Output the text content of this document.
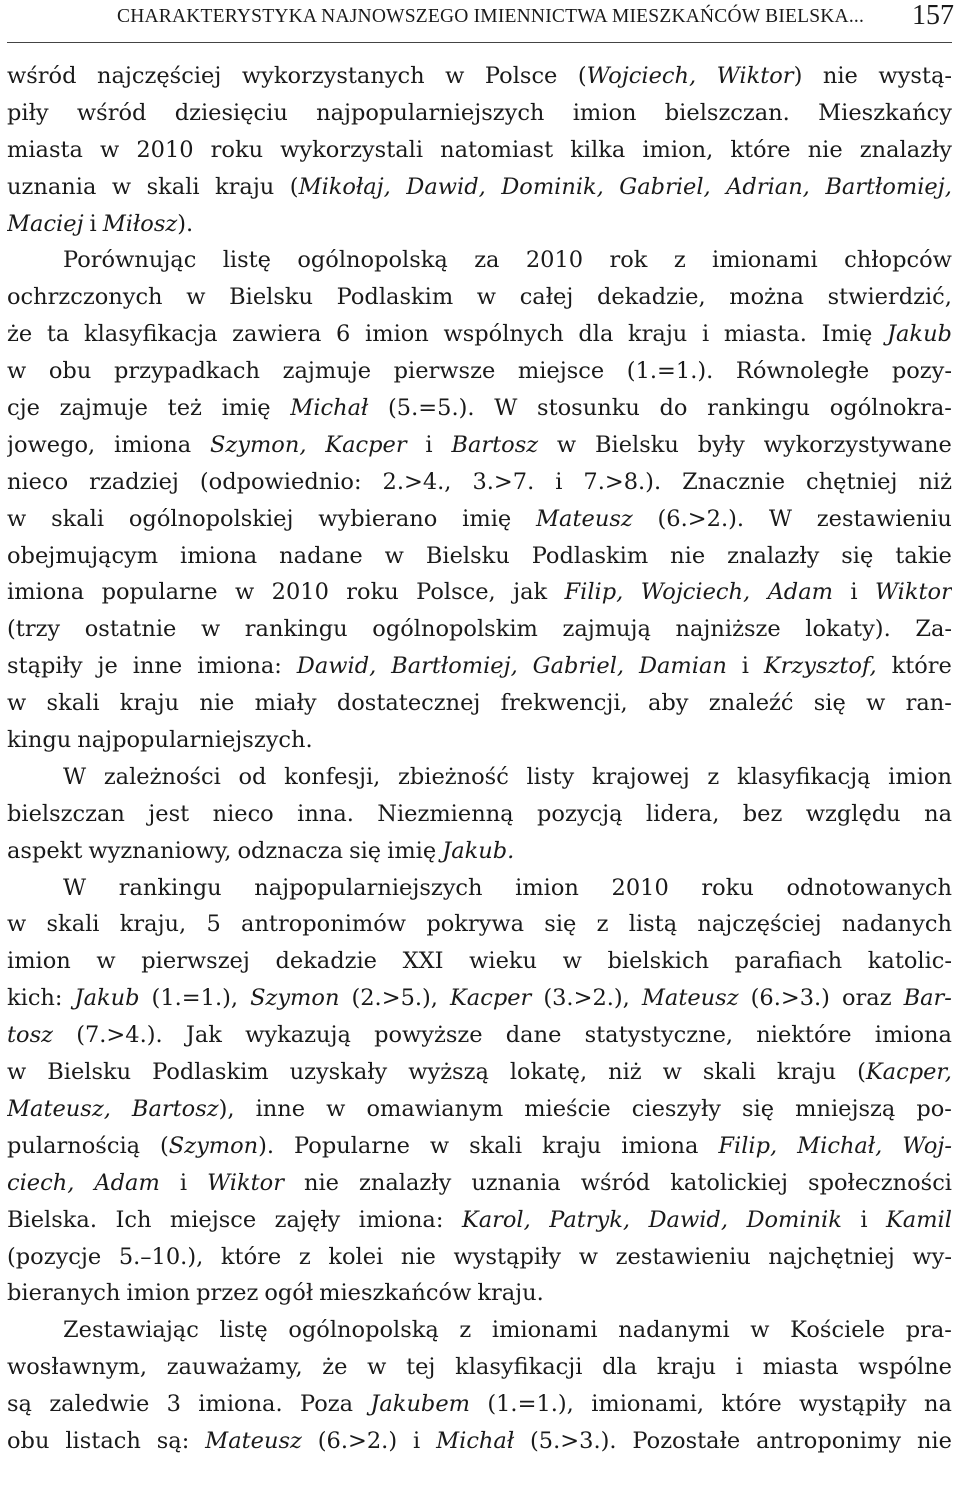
CHARAKTERYSTYKA NAJNOWSZEGO IMIENNICTWA MIESZKAŃCÓW BIELSKA... 157
wśród najczęściej wykorzystanych w Polsce (Wojciech, Wiktor) nie wystą-
piły wśród dziesięciu najpopularniejszych imion bielszczan. Mieszkańcy
miasta w 2010 roku wykorzystali natomiast kilka imion, które nie znalazły
uznania w skali kraju (Mikołaj, Dawid, Dominik, Gabriel, Adrian, Bartłomiej,
Maciej i Miłosz).
Porównując listę ogólnopolską za 2010 rok z imionami chłopców
ochrzczonych w Bielsku Podlaskim w całej dekadzie, można stwierdzić,
że ta klasyfikacja zawiera 6 imion wspólnych dla kraju i miasta. Imię Jakub
w obu przypadkach zajmuje pierwsze miejsce (1.=1.). Równoległe pozy-
cje zajmuje też imię Michał (5.=5.). W stosunku do rankingu ogólnokra-
jowego, imiona Szymon, Kacper i Bartosz w Bielsku były wykorzystywane
nieco rzadziej (odpowiednio: 2.>4., 3.>7. i 7.>8.). Znacznie chętniej niż
w skali ogólnopolskiej wybierano imię Mateusz (6.>2.). W zestawieniu
obejmującym imiona nadane w Bielsku Podlaskim nie znalazły się takie
imiona popularne w 2010 roku Polsce, jak Filip, Wojciech, Adam i Wiktor
(trzy ostatnie w rankingu ogólnopolskim zajmują najniższe lokaty). Za-
stąpiły je inne imiona: Dawid, Bartłomiej, Gabriel, Damian i Krzysztof, które
w skali kraju nie miały dostatecznej frekwencji, aby znaleźć się w ran-
kingu najpopularniejszych.
W zależności od konfesji, zbieżność listy krajowej z klasyfikacją imion
bielszczan jest nieco inna. Niezmienną pozycją lidera, bez względu na
aspekt wyznaniowy, odznacza się imię Jakub.
W rankingu najpopularniejszych imion 2010 roku odnotowanych
w skali kraju, 5 antroponimów pokrywa się z listą najczęściej nadanych
imion w pierwszej dekadzie XXI wieku w bielskich parafiach katolic-
kich: Jakub (1.=1.), Szymon (2.>5.), Kacper (3.>2.), Mateusz (6.>3.) oraz Bar-
tosz (7.>4.). Jak wykazują powyższe dane statystyczne, niektóre imiona
w Bielsku Podlaskim uzyskały wyższą lokatę, niż w skali kraju (Kacper,
Mateusz, Bartosz), inne w omawianym mieście cieszyły się mniejszą po-
pularnością (Szymon). Popularne w skali kraju imiona Filip, Michał, Woj-
ciech, Adam i Wiktor nie znalazły uznania wśród katolickiej społeczności
Bielska. Ich miejsce zajęły imiona: Karol, Patryk, Dawid, Dominik i Kamil
(pozycje 5.–10.), które z kolei nie wystąpiły w zestawieniu najchętniej wy-
bieranych imion przez ogół mieszkańców kraju.
Zestawiając listę ogólnopolską z imionami nadanymi w Kościele pra-
wosławnym, zauważamy, że w tej klasyfikacji dla kraju i miasta wspólne
są zaledwie 3 imiona. Poza Jakubem (1.=1.), imionami, które wystąpiły na
obu listach są: Mateusz (6.>2.) i Michał (5.>3.). Pozostałe antroponimy nie
